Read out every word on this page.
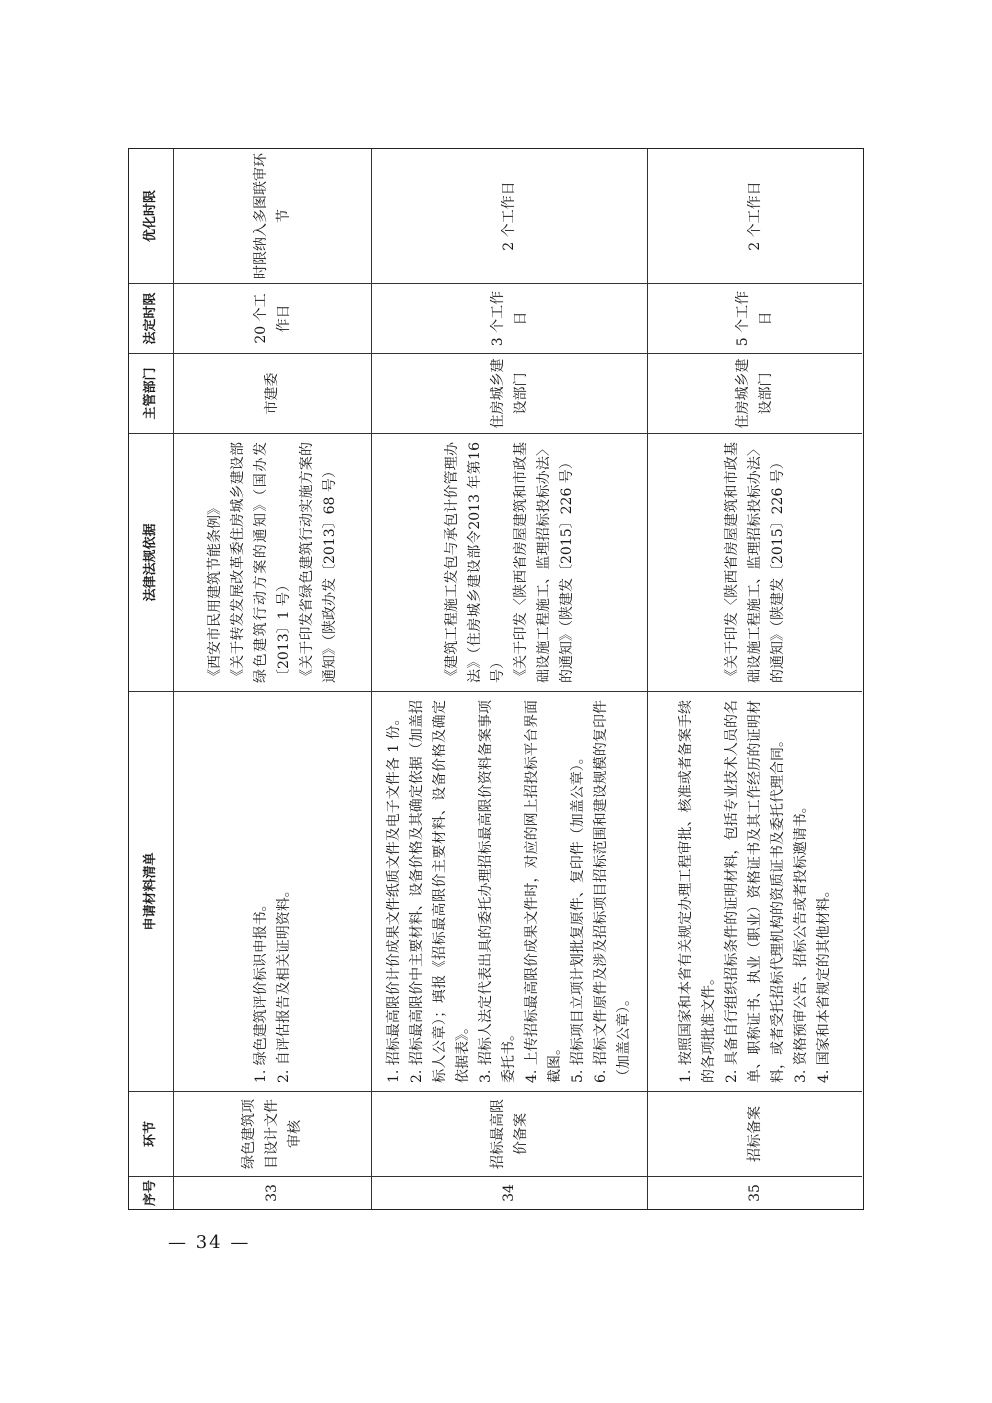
序号
环节
申请材料清单
法律法规依据
主管部门
法定时限
优化时限
33
绿色建筑项目设计文件审核
1. 绿色建筑评价标识申报书。 2. 自评估报告及相关证明资料。
《西安市民用建筑节能条例》 《关于转发发展改革委住房城乡建设部绿色建筑行动方案的通知》（国办发〔2013〕1 号） 《关于印发省绿色建筑行动实施方案的通知》（陕政办发〔2013〕68 号）
市建委
20 个工作日
时限纳入多图联审环节
34
招标最高限价备案
1. 招标最高限价计价成果文件纸质文件及电子文件各 1 份。 2. 招标最高限价中主要材料、设备价格及其确定依据（加盖招标人公章）；填报《招标最高限价主要材料、设备价格及确定依据表》。 3. 招标人法定代表出具的委托办理招标最高限价资料备案事项委托书。 4. 上传招标最高限价成果文件时，对应的网上招投标平台界面截图。 5. 招标项目立项计划批复原件、复印件（加盖公章）。 6. 招标文件原件及涉及招标项目招标范围和建设规模的复印件（加盖公章）。
《建筑工程施工发包与承包计价管理办法》（住房城乡建设部令2013 年第16 号） 《关于印发〈陕西省房屋建筑和市政基础设施工程施工、监理招标投标办法〉的通知》（陕建发〔2015〕226 号）
住房城乡建设部门
3 个工作日
2 个工作日
35
招标备案
1. 按照国家和本省有关规定办理工程审批、核准或者备案手续的各项批准文件。 2. 具备自行组织招标条件的证明材料，包括专业技术人员的名单、职称证书、执业（职业）资格证书及其工作经历的证明材料，或者受托招标代理机构的资质证书及委托代理合同。 3. 资格预审公告、招标公告或者投标邀请书。 4. 国家和本省规定的其他材料。
《关于印发〈陕西省房屋建筑和市政基础设施工程施工、监理招标投标办法〉的通知》（陕建发〔2015〕226 号）
住房城乡建设部门
5 个工作日
2 个工作日
— 34 —
